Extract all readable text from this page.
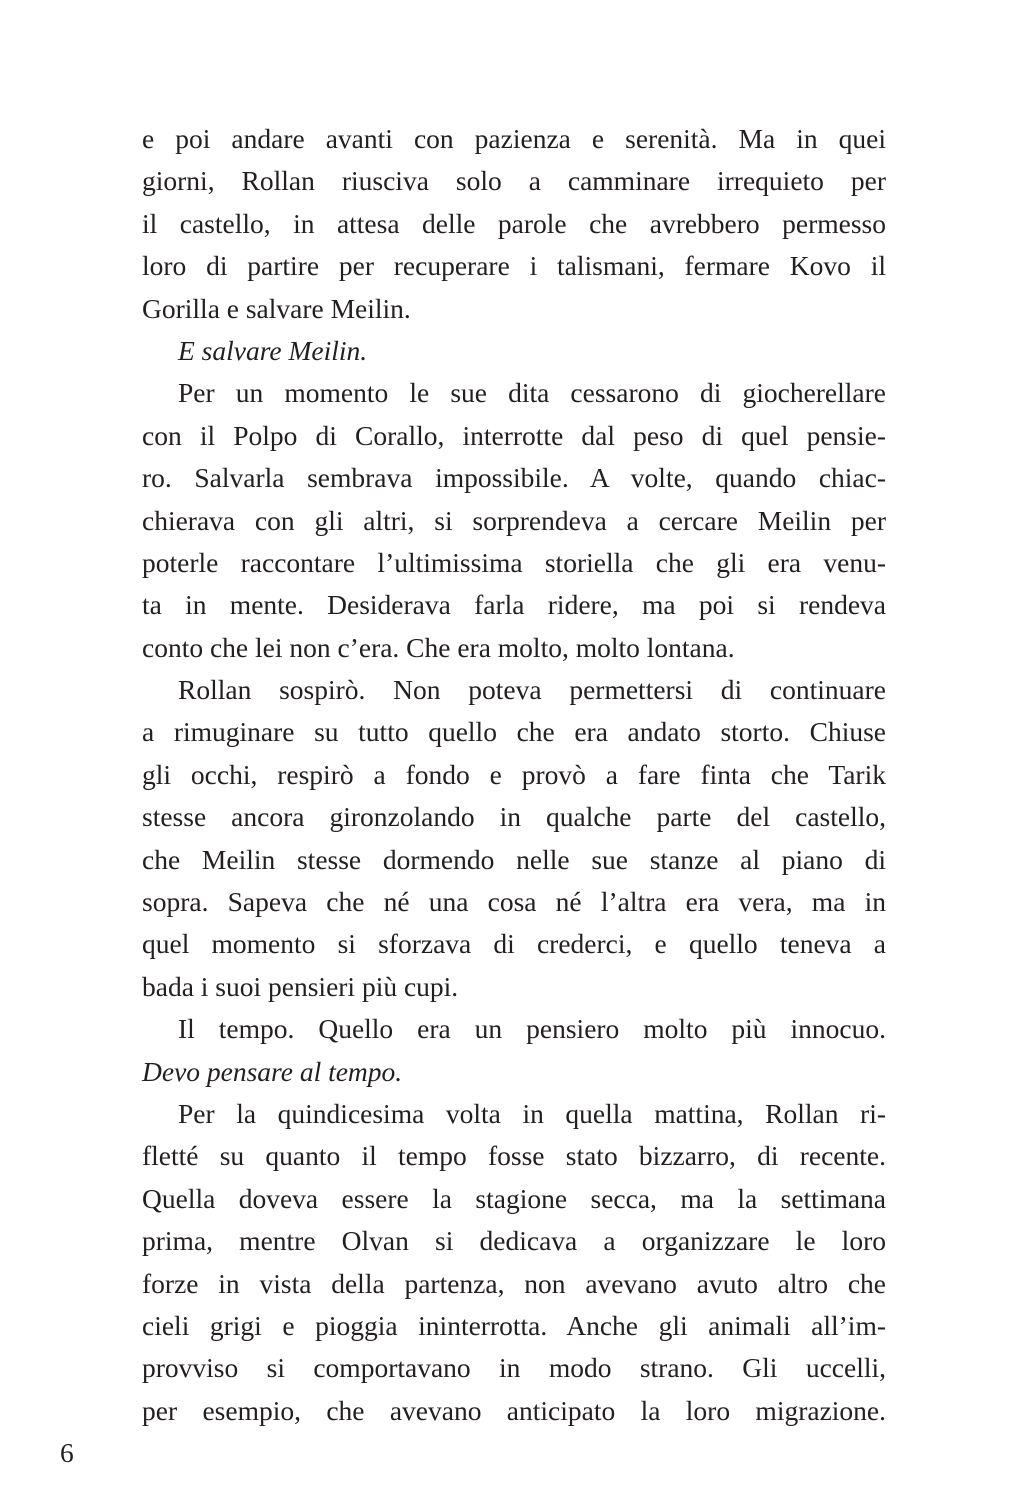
e poi andare avanti con pazienza e serenità. Ma in quei
giorni, Rollan riusciva solo a camminare irrequieto per
il castello, in attesa delle parole che avrebbero permesso
loro di partire per recuperare i talismani, fermare Kovo il
Gorilla e salvare Meilin.
E salvare Meilin.
Per un momento le sue dita cessarono di giocherellare
con il Polpo di Corallo, interrotte dal peso di quel pensie-
ro. Salvarla sembrava impossibile. A volte, quando chiac-
chierava con gli altri, si sorprendeva a cercare Meilin per
poterle raccontare l’ultimissima storiella che gli era venu-
ta in mente. Desiderava farla ridere, ma poi si rendeva
conto che lei non c’era. Che era molto, molto lontana.
Rollan sospirò. Non poteva permettersi di continuare
a rimuginare su tutto quello che era andato storto. Chiuse
gli occhi, respirò a fondo e provò a fare finta che Tarik
stesse ancora gironzolando in qualche parte del castello,
che Meilin stesse dormendo nelle sue stanze al piano di
sopra. Sapeva che né una cosa né l’altra era vera, ma in
quel momento si sforzava di crederci, e quello teneva a
bada i suoi pensieri più cupi.
Il tempo. Quello era un pensiero molto più innocuo.
Devo pensare al tempo.
Per la quindicesima volta in quella mattina, Rollan ri-
fletté su quanto il tempo fosse stato bizzarro, di recente.
Quella doveva essere la stagione secca, ma la settimana
prima, mentre Olvan si dedicava a organizzare le loro
forze in vista della partenza, non avevano avuto altro che
cieli grigi e pioggia ininterrotta. Anche gli animali all’im-
provviso si comportavano in modo strano. Gli uccelli,
per esempio, che avevano anticipato la loro migrazione.
6
